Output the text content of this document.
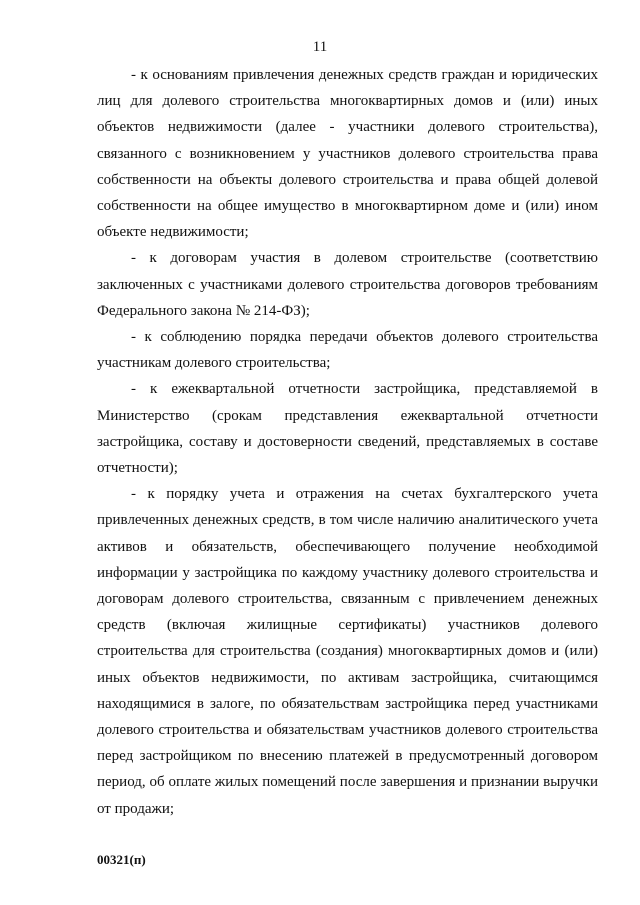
11
- к основаниям привлечения денежных средств граждан и юридических
лиц для долевого строительства многоквартирных домов и (или) иных
объектов недвижимости (далее - участники долевого строительства),
связанного с возникновением у участников долевого строительства права
собственности на объекты долевого строительства и права общей долевой
собственности на общее имущество в многоквартирном доме и (или) ином
объекте недвижимости;
- к договорам участия в долевом строительстве (соответствию
заключенных с участниками долевого строительства договоров требованиям
Федерального закона № 214-ФЗ);
- к соблюдению порядка передачи объектов долевого строительства
участникам долевого строительства;
- к ежеквартальной отчетности застройщика, представляемой в
Министерство (срокам представления ежеквартальной отчетности
застройщика, составу и достоверности сведений, представляемых в составе
отчетности);
- к порядку учета и отражения на счетах бухгалтерского учета
привлеченных денежных средств, в том числе наличию аналитического учета
активов и обязательств, обеспечивающего получение необходимой
информации у застройщика по каждому участнику долевого строительства и
договорам долевого строительства, связанным с привлечением денежных
средств (включая жилищные сертификаты) участников долевого
строительства для строительства (создания) многоквартирных домов и (или)
иных объектов недвижимости, по активам застройщика, считающимся
находящимися в залоге, по обязательствам застройщика перед участниками
долевого строительства и обязательствам участников долевого строительства
перед застройщиком по внесению платежей в предусмотренный договором
период, об оплате жилых помещений после завершения и признании выручки
от продажи;
00321(п)
